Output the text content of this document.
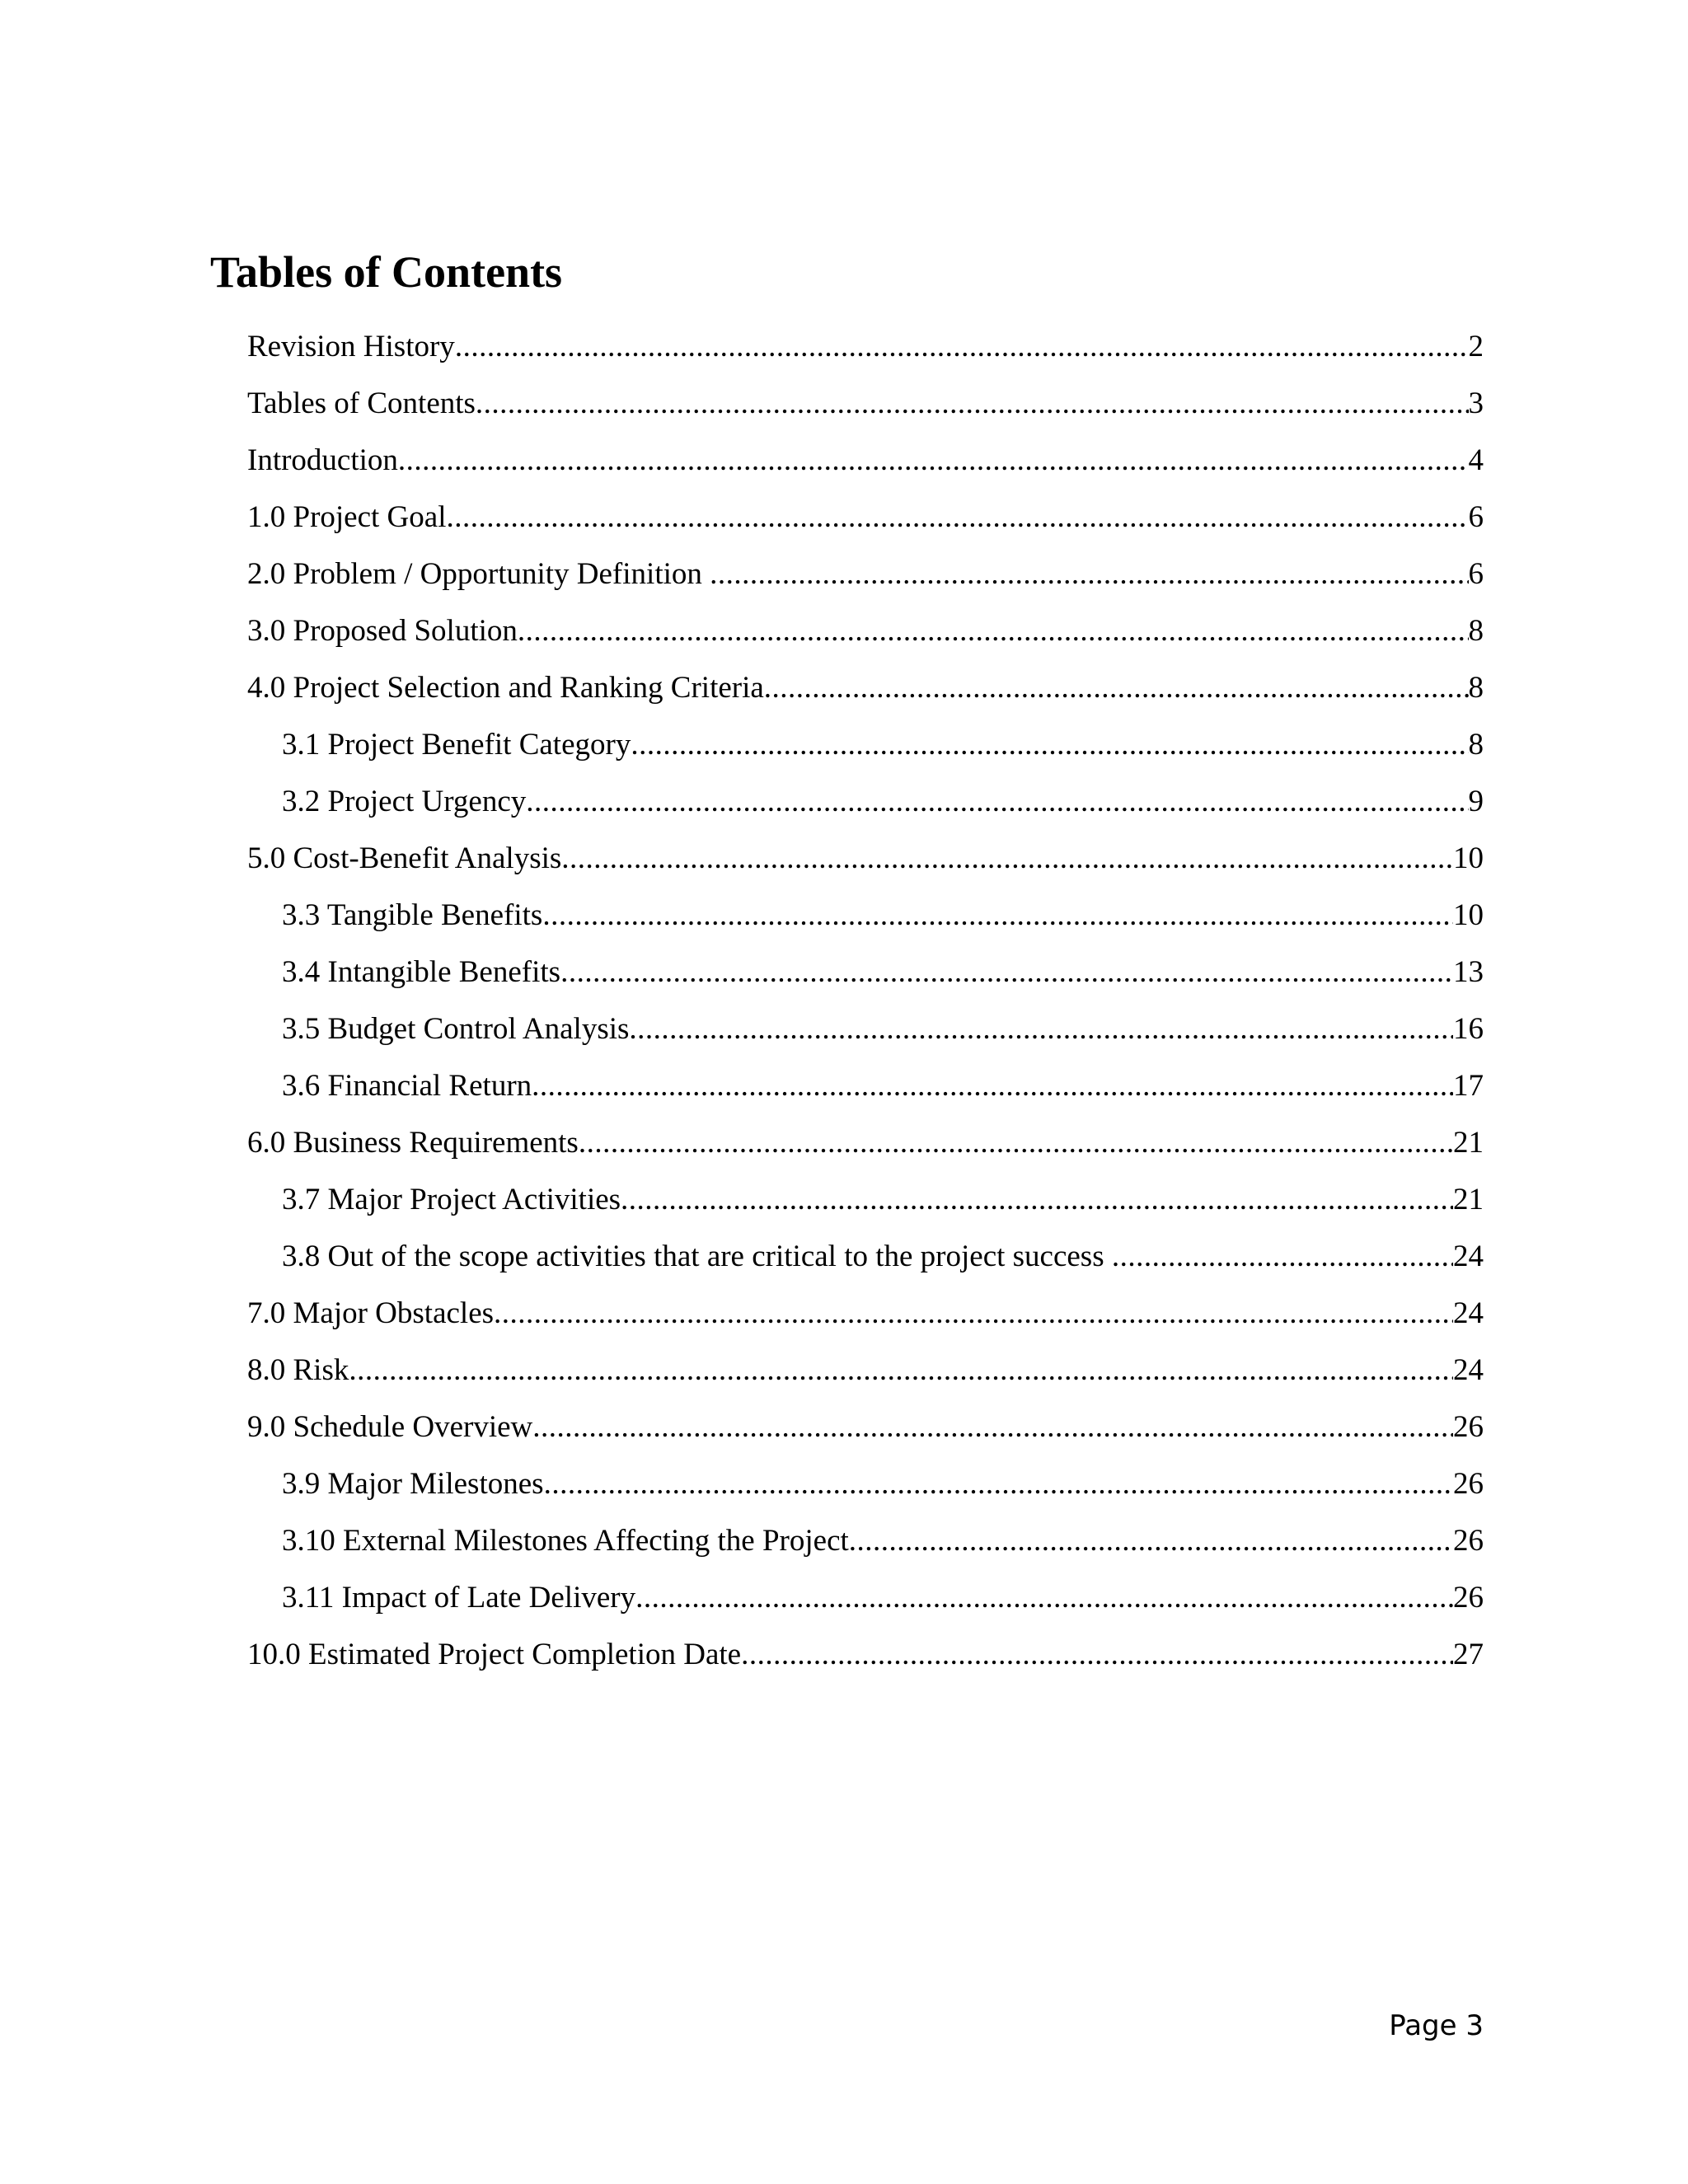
Tables of Contents
Revision History .....	2
Tables of Contents .....	3
Introduction .....	4
1.0 Project Goal .....	6
2.0 Problem / Opportunity Definition .....	6
3.0 Proposed Solution .....	8
4.0 Project Selection and Ranking Criteria .....	8
3.1 Project Benefit Category .....	8
3.2 Project Urgency .....	9
5.0 Cost-Benefit Analysis .....	10
3.3 Tangible Benefits .....	10
3.4 Intangible Benefits .....	13
3.5 Budget Control Analysis .....	16
3.6 Financial Return .....	17
6.0 Business Requirements .....	21
3.7 Major Project Activities .....	21
3.8 Out of the scope activities that are critical to the project success .....	24
7.0 Major Obstacles .....	24
8.0 Risk .....	24
9.0 Schedule Overview .....	26
3.9 Major Milestones .....	26
3.10 External Milestones Affecting the Project .....	26
3.11 Impact of Late Delivery .....	26
10.0 Estimated Project Completion Date .....	27
Page 3
